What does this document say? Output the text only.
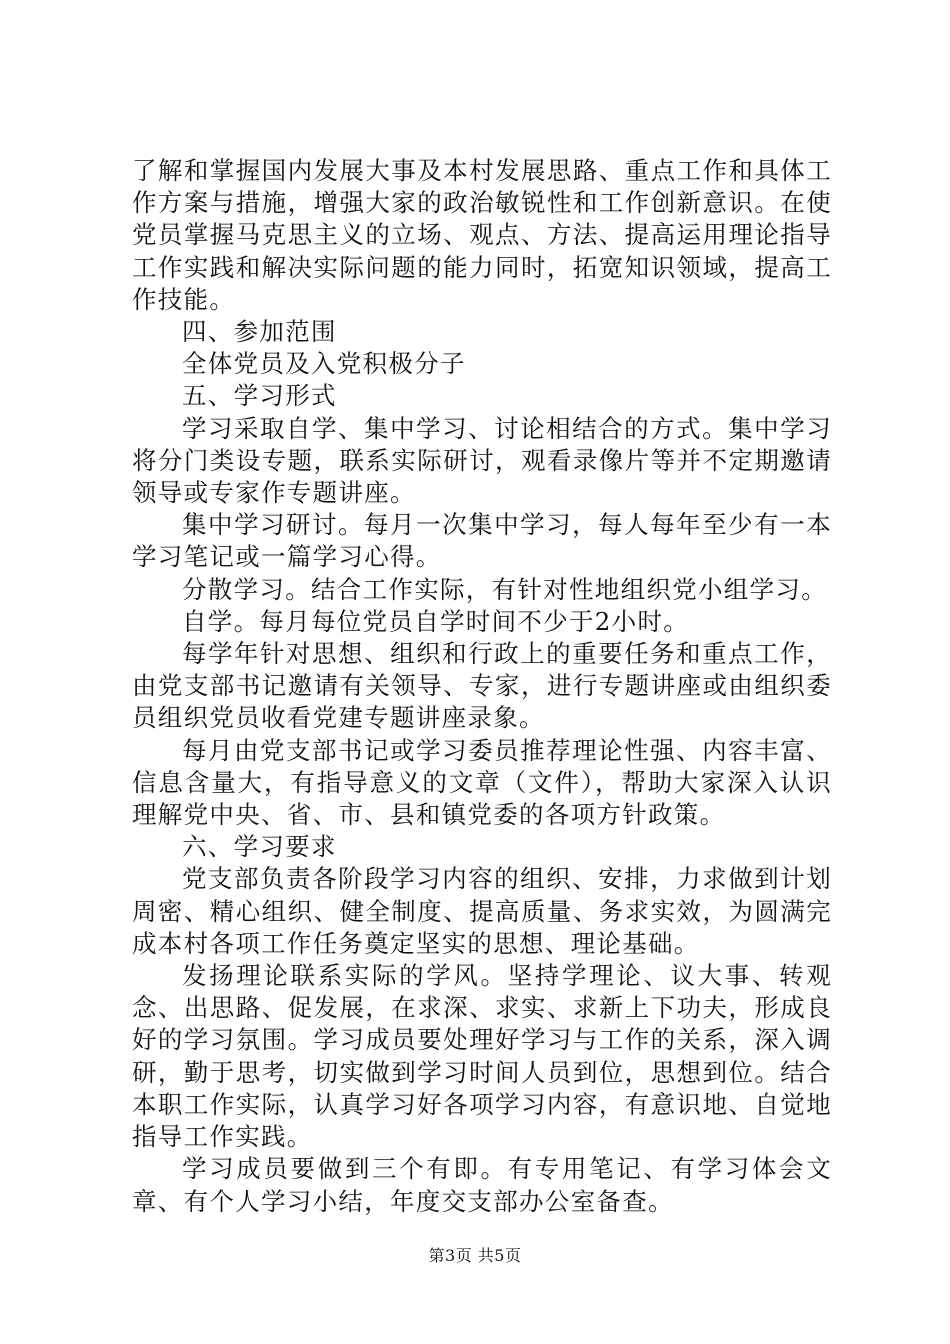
了解和掌握国内发展大事及本村发展思路、重点工作和具体工作方案与措施，增强大家的政治敏锐性和工作创新意识。在使党员掌握马克思主义的立场、观点、方法、提高运用理论指导工作实践和解决实际问题的能力同时，拓宽知识领域，提高工作技能。

四、参加范围

全体党员及入党积极分子

五、学习形式

学习采取自学、集中学习、讨论相结合的方式。集中学习将分门类设专题，联系实际研讨，观看录像片等并不定期邀请领导或专家作专题讲座。

集中学习研讨。每月一次集中学习，每人每年至少有一本学习笔记或一篇学习心得。

分散学习。结合工作实际，有针对性地组织党小组学习。

自学。每月每位党员自学时间不少于2小时。

每学年针对思想、组织和行政上的重要任务和重点工作，由党支部书记邀请有关领导、专家，进行专题讲座或由组织委员组织党员收看党建专题讲座录象。

每月由党支部书记或学习委员推荐理论性强、内容丰富、信息含量大，有指导意义的文章（文件），帮助大家深入认识理解党中央、省、市、县和镇党委的各项方针政策。

六、学习要求

党支部负责各阶段学习内容的组织、安排，力求做到计划周密、精心组织、健全制度、提高质量、务求实效，为圆满完成本村各项工作任务奠定坚实的思想、理论基础。

发扬理论联系实际的学风。坚持学理论、议大事、转观念、出思路、促发展，在求深、求实、求新上下功夫，形成良好的学习氛围。学习成员要处理好学习与工作的关系，深入调研，勤于思考，切实做到学习时间人员到位，思想到位。结合本职工作实际，认真学习好各项学习内容，有意识地、自觉地指导工作实践。

学习成员要做到三个有即。有专用笔记、有学习体会文章、有个人学习小结，年度交支部办公室备查。

第3页 共5页
